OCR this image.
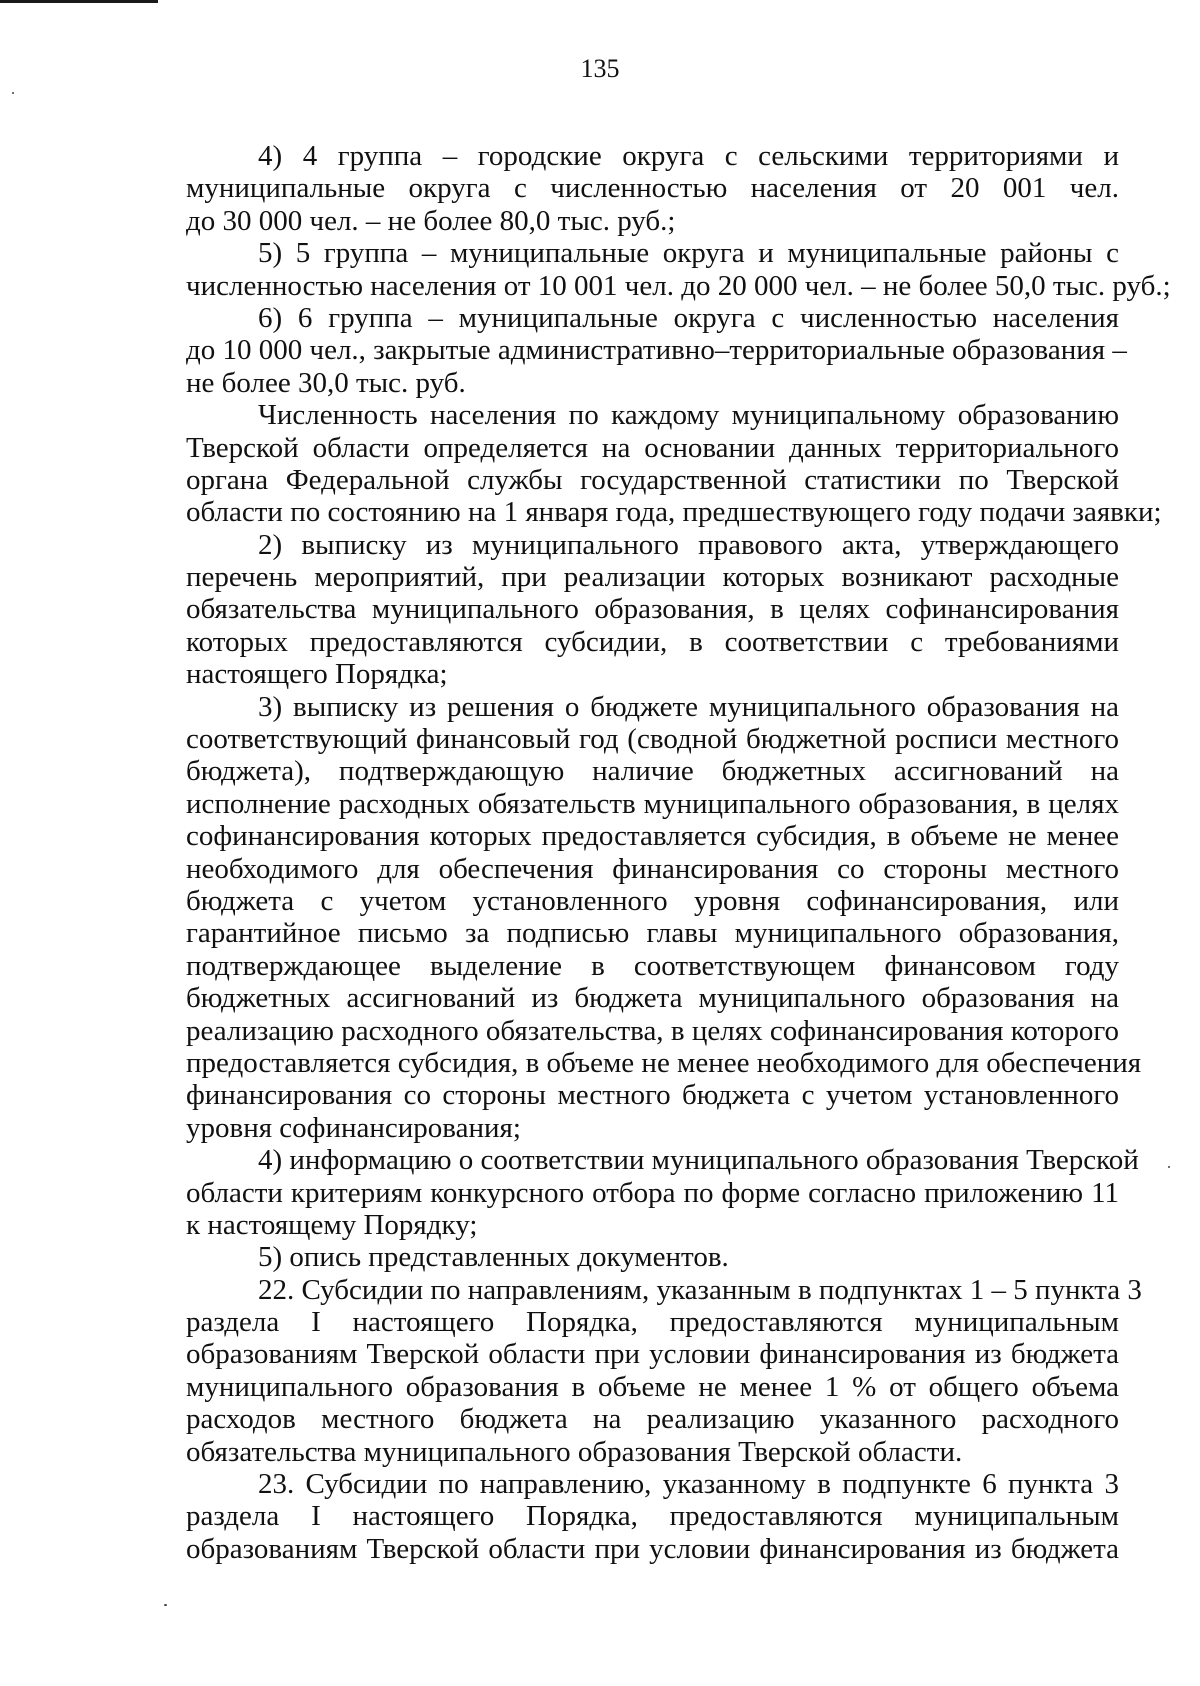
135
4) 4 группа – городские округа с сельскими территориями и
муниципальные округа с численностью населения от 20 001 чел.
до 30 000 чел. – не более 80,0 тыс. руб.;
5) 5 группа – муниципальные округа и муниципальные районы с
численностью населения от 10 001 чел. до 20 000 чел. – не более 50,0 тыс. руб.;
6) 6 группа – муниципальные округа с численностью населения
до 10 000 чел., закрытые административно–территориальные образования –
не более 30,0 тыс. руб.
Численность населения по каждому муниципальному образованию
Тверской области определяется на основании данных территориального
органа Федеральной службы государственной статистики по Тверской
области по состоянию на 1 января года, предшествующего году подачи заявки;
2) выписку из муниципального правового акта, утверждающего
перечень мероприятий, при реализации которых возникают расходные
обязательства муниципального образования, в целях софинансирования
которых предоставляются субсидии, в соответствии с требованиями
настоящего Порядка;
3) выписку из решения о бюджете муниципального образования на
соответствующий финансовый год (сводной бюджетной росписи местного
бюджета), подтверждающую наличие бюджетных ассигнований на
исполнение расходных обязательств муниципального образования, в целях
софинансирования которых предоставляется субсидия, в объеме не менее
необходимого для обеспечения финансирования со стороны местного
бюджета с учетом установленного уровня софинансирования, или
гарантийное письмо за подписью главы муниципального образования,
подтверждающее выделение в соответствующем финансовом году
бюджетных ассигнований из бюджета муниципального образования на
реализацию расходного обязательства, в целях софинансирования которого
предоставляется субсидия, в объеме не менее необходимого для обеспечения
финансирования со стороны местного бюджета с учетом установленного
уровня софинансирования;
4) информацию о соответствии муниципального образования Тверской
области критериям конкурсного отбора по форме согласно приложению 11
к настоящему Порядку;
5) опись представленных документов.
22. Субсидии по направлениям, указанным в подпунктах 1 – 5 пункта 3
раздела I настоящего Порядка, предоставляются муниципальным
образованиям Тверской области при условии финансирования из бюджета
муниципального образования в объеме не менее 1 % от общего объема
расходов местного бюджета на реализацию указанного расходного
обязательства муниципального образования Тверской области.
23. Субсидии по направлению, указанному в подпункте 6 пункта 3
раздела I настоящего Порядка, предоставляются муниципальным
образованиям Тверской области при условии финансирования из бюджета
